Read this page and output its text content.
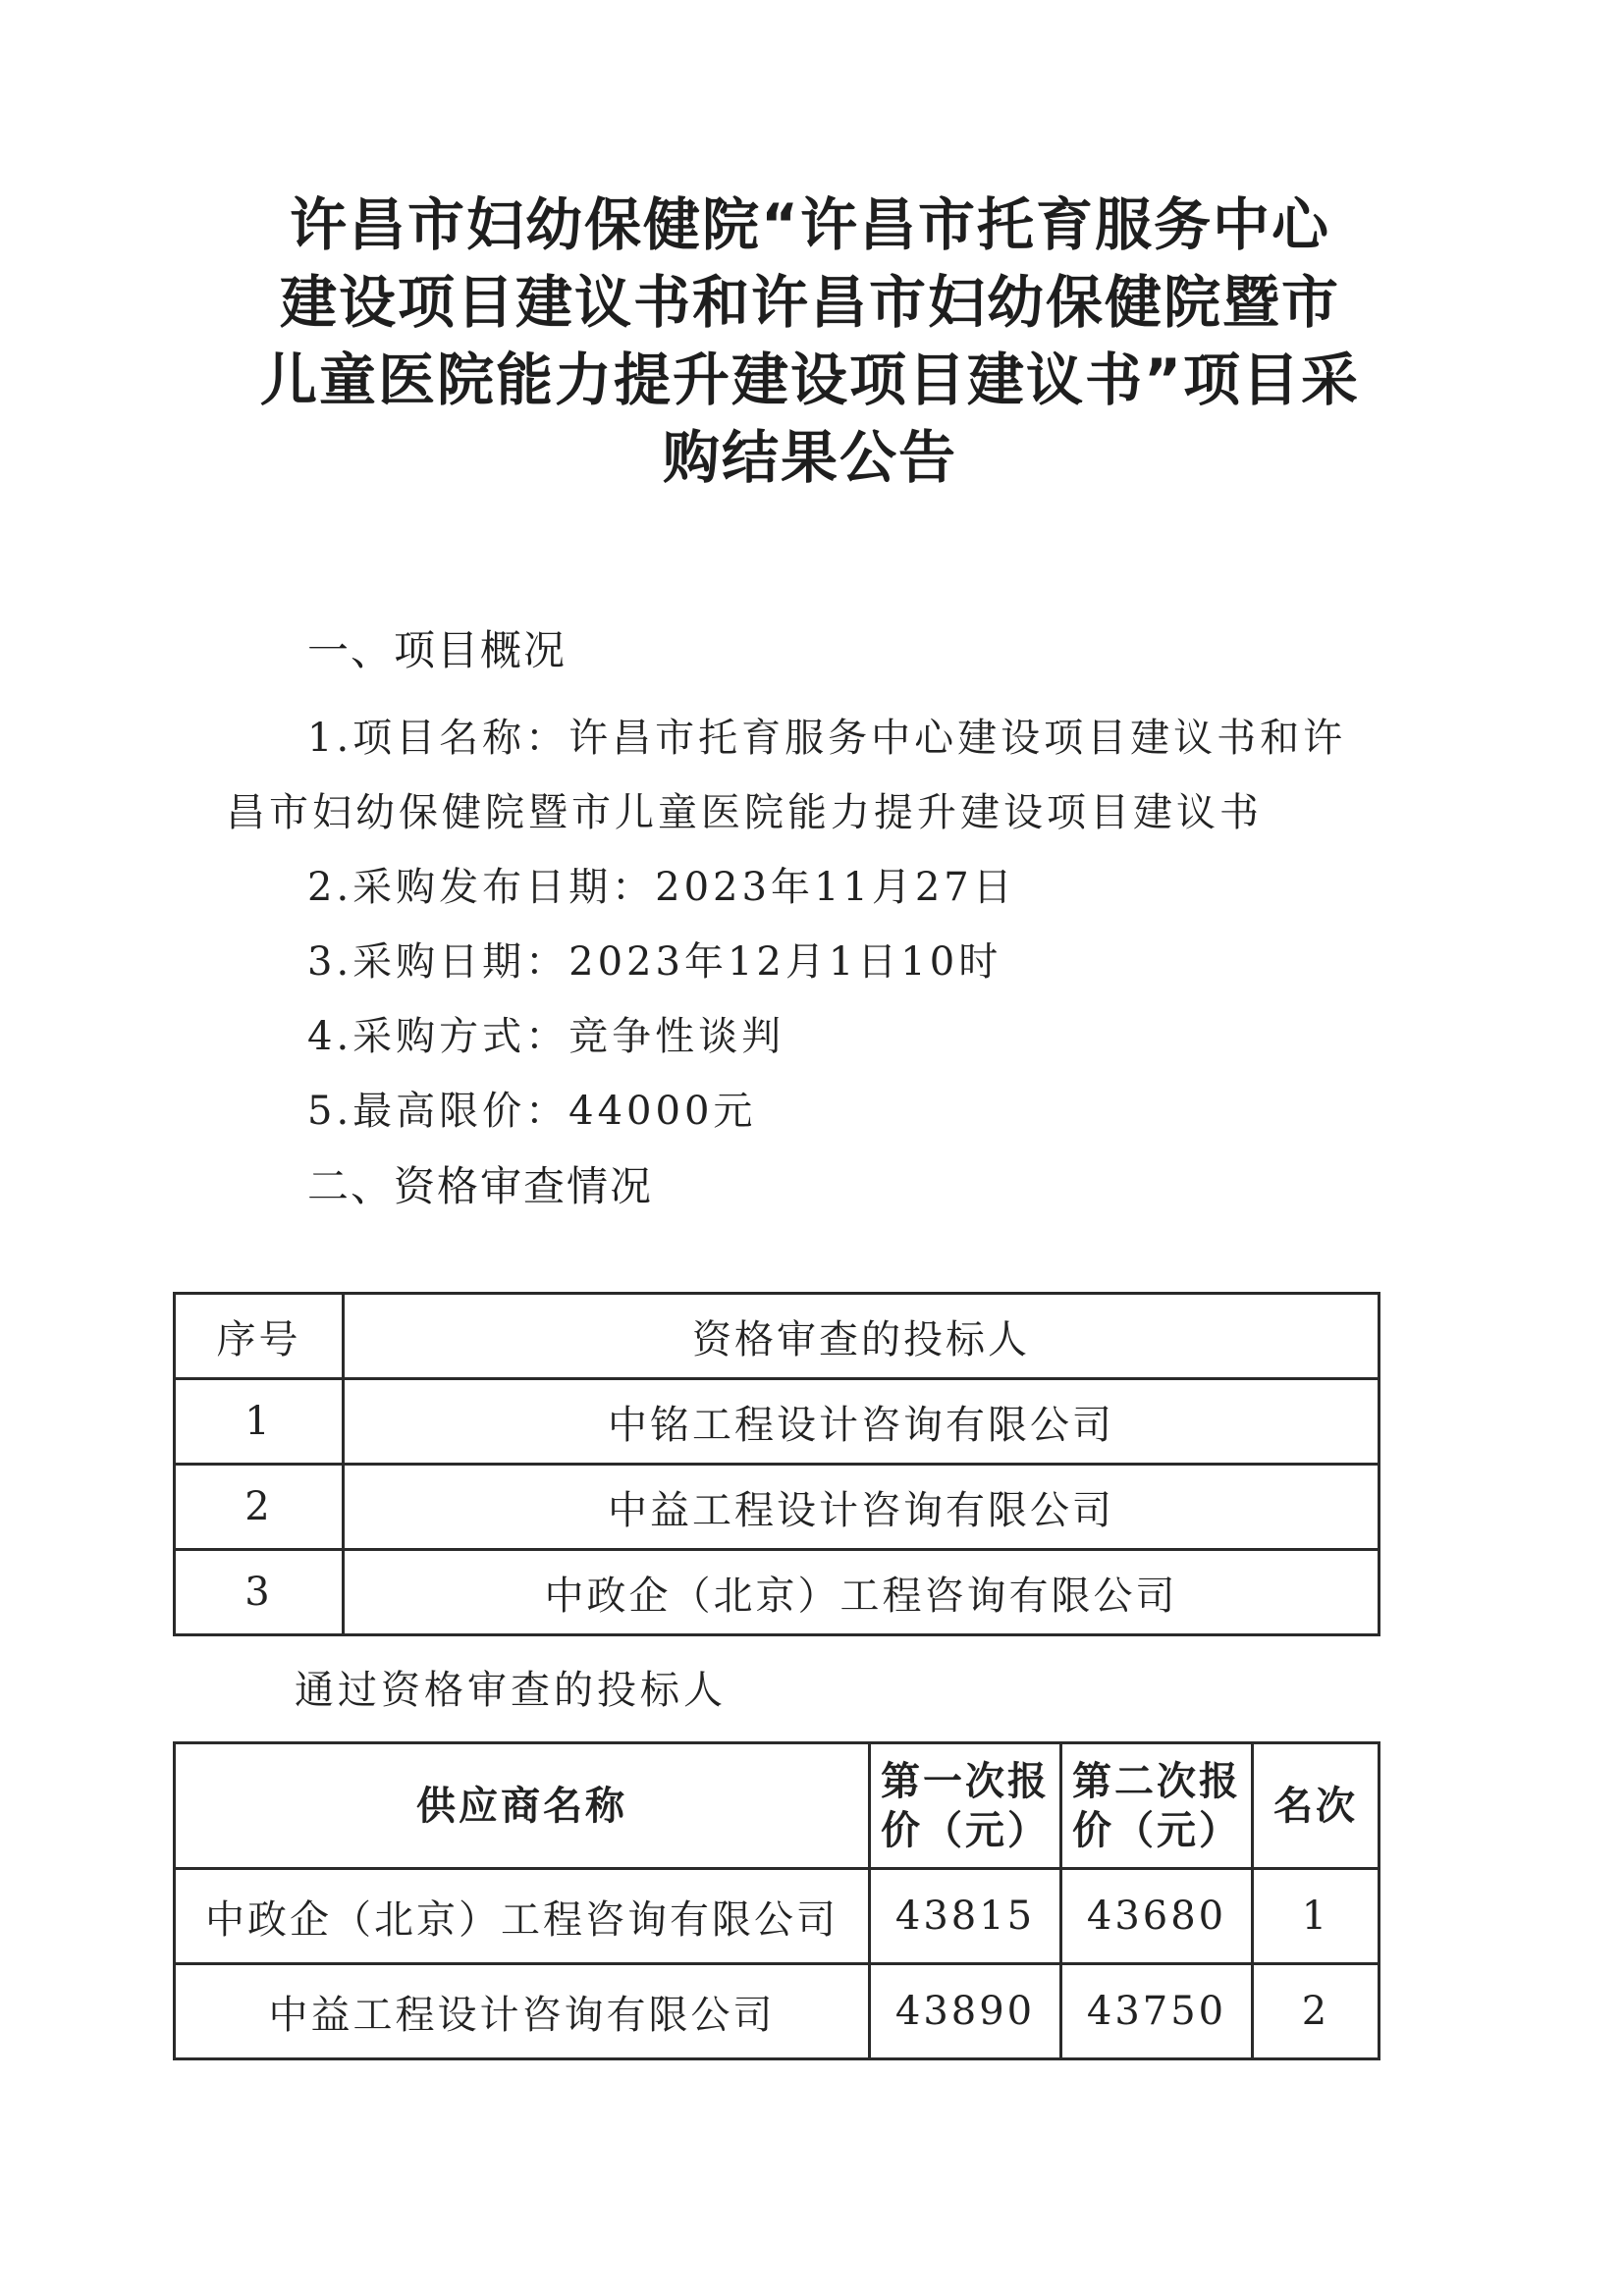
许昌市妇幼保健院“许昌市托育服务中心
建设项目建议书和许昌市妇幼保健院暨市
儿童医院能力提升建设项目建议书”项目采
购结果公告
一、项目概况
1.项目名称：许昌市托育服务中心建设项目建议书和许
昌市妇幼保健院暨市儿童医院能力提升建设项目建议书
2.采购发布日期：2023年11月27日
3.采购日期：2023年12月1日10时
4.采购方式：竞争性谈判
5.最高限价：44000元
二、资格审查情况
序号	资格审查的投标人
1	中铭工程设计咨询有限公司
2	中益工程设计咨询有限公司
3	中政企（北京）工程咨询有限公司
通过资格审查的投标人
供应商名称	第一次报价（元）	第二次报价（元）	名次
中政企（北京）工程咨询有限公司	43815	43680	1
中益工程设计咨询有限公司	43890	43750	2
